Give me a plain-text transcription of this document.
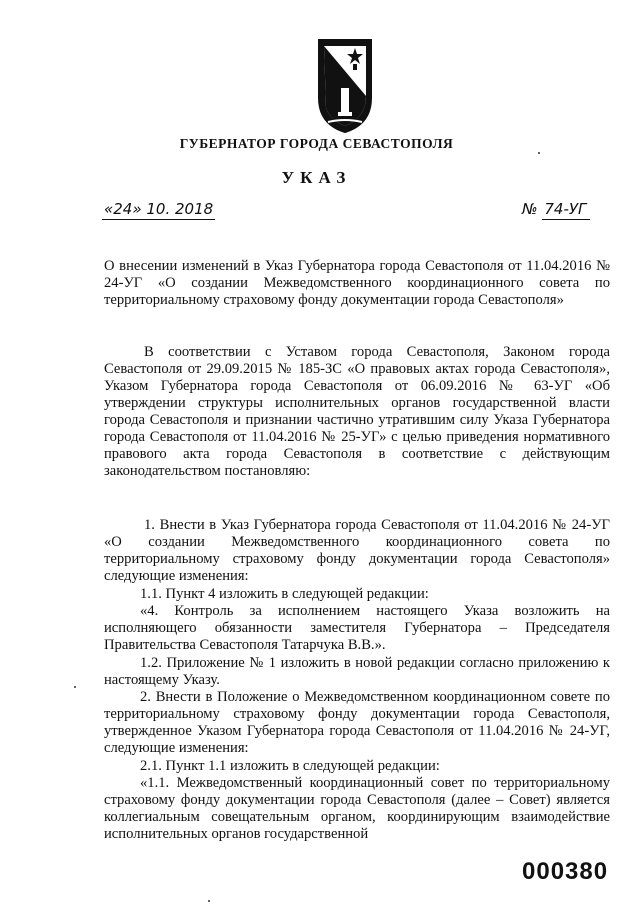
ГУБЕРНАТОР ГОРОДА СЕВАСТОПОЛЯ
УКАЗ
«24» 10. 2018	№ 74-УГ

О внесении изменений в Указ Губернатора города Севастополя от 11.04.2016 № 24-УГ «О создании Межведомственного координационного совета по территориальному страховому фонду документации города Севастополя»

В соответствии с Уставом города Севастополя, Законом города Севастополя от 29.09.2015 № 185-ЗС «О правовых актах города Севастополя», Указом Губернатора города Севастополя от 06.09.2016 № 63-УГ «Об утверждении структуры исполнительных органов государственной власти города Севастополя и признании частично утратившим силу Указа Губернатора города Севастополя от 11.04.2016 № 25-УГ» с целью приведения нормативного правового акта города Севастополя в соответствие с действующим законодательством постановляю:

1. Внести в Указ Губернатора города Севастополя от 11.04.2016 № 24-УГ «О создании Межведомственного координационного совета по территориальному страховому фонду документации города Севастополя» следующие изменения:

1.1. Пункт 4 изложить в следующей редакции:

«4. Контроль за исполнением настоящего Указа возложить на исполняющего обязанности заместителя Губернатора – Председателя Правительства Севастополя Татарчука В.В.».

1.2. Приложение № 1 изложить в новой редакции согласно приложению к настоящему Указу.

2. Внести в Положение о Межведомственном координационном совете по территориальному страховому фонду документации города Севастополя, утвержденное Указом Губернатора города Севастополя от 11.04.2016 № 24-УГ, следующие изменения:

2.1. Пункт 1.1 изложить в следующей редакции:

«1.1. Межведомственный координационный совет по территориальному страховому фонду документации города Севастополя (далее – Совет) является коллегиальным совещательным органом, координирующим взаимодействие исполнительных органов государственной

000380
